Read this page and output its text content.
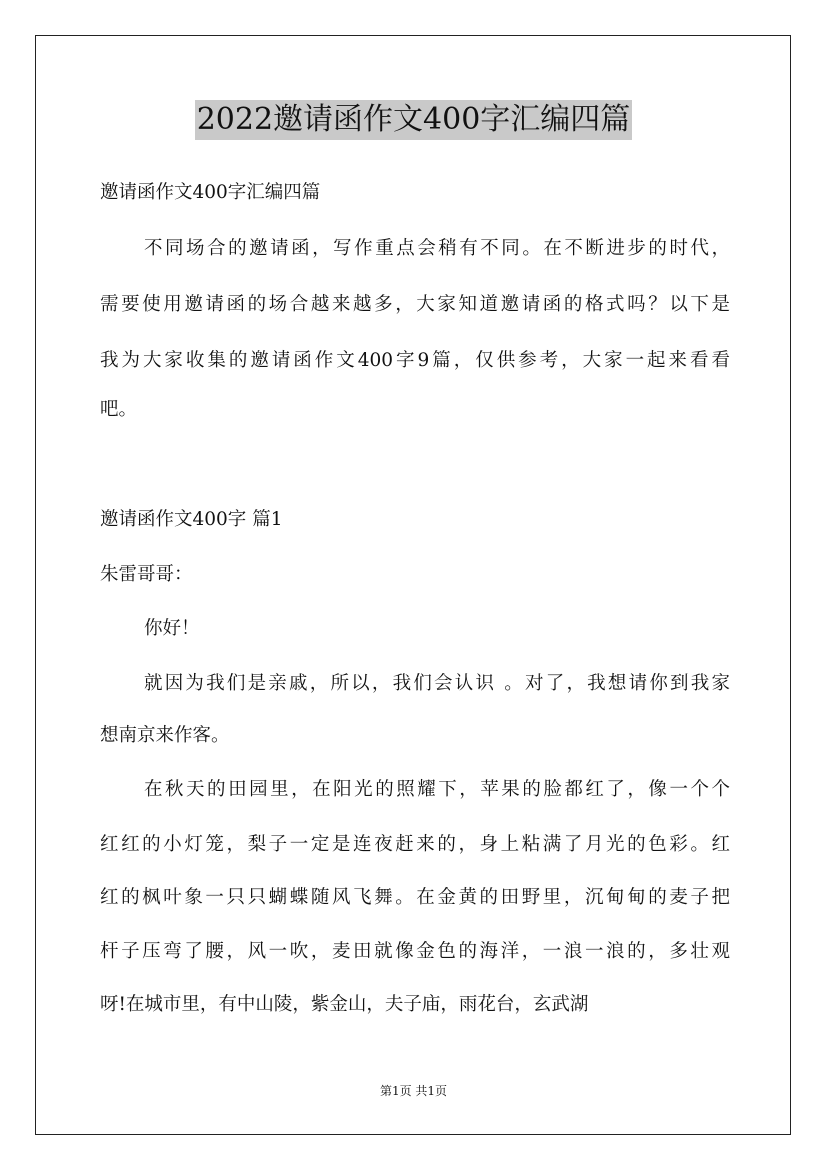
2022邀请函作文400字汇编四篇
邀请函作文400字汇编四篇
不同场合的邀请函，写作重点会稍有不同。在不断进步的时代，
需要使用邀请函的场合越来越多，大家知道邀请函的格式吗？以下是
我为大家收集的邀请函作文400字9篇，仅供参考，大家一起来看看
吧。
邀请函作文400字 篇1
朱雷哥哥：
你好！
就因为我们是亲戚，所以，我们会认识 。对了，我想请你到我家
想南京来作客。
在秋天的田园里，在阳光的照耀下，苹果的脸都红了，像一个个
红红的小灯笼，梨子一定是连夜赶来的，身上粘满了月光的色彩。红
红的枫叶象一只只蝴蝶随风飞舞。在金黄的田野里，沉甸甸的麦子把
杆子压弯了腰，风一吹，麦田就像金色的海洋，一浪一浪的，多壮观
呀!在城市里，有中山陵，紫金山，夫子庙，雨花台，玄武湖
第1页 共1页
